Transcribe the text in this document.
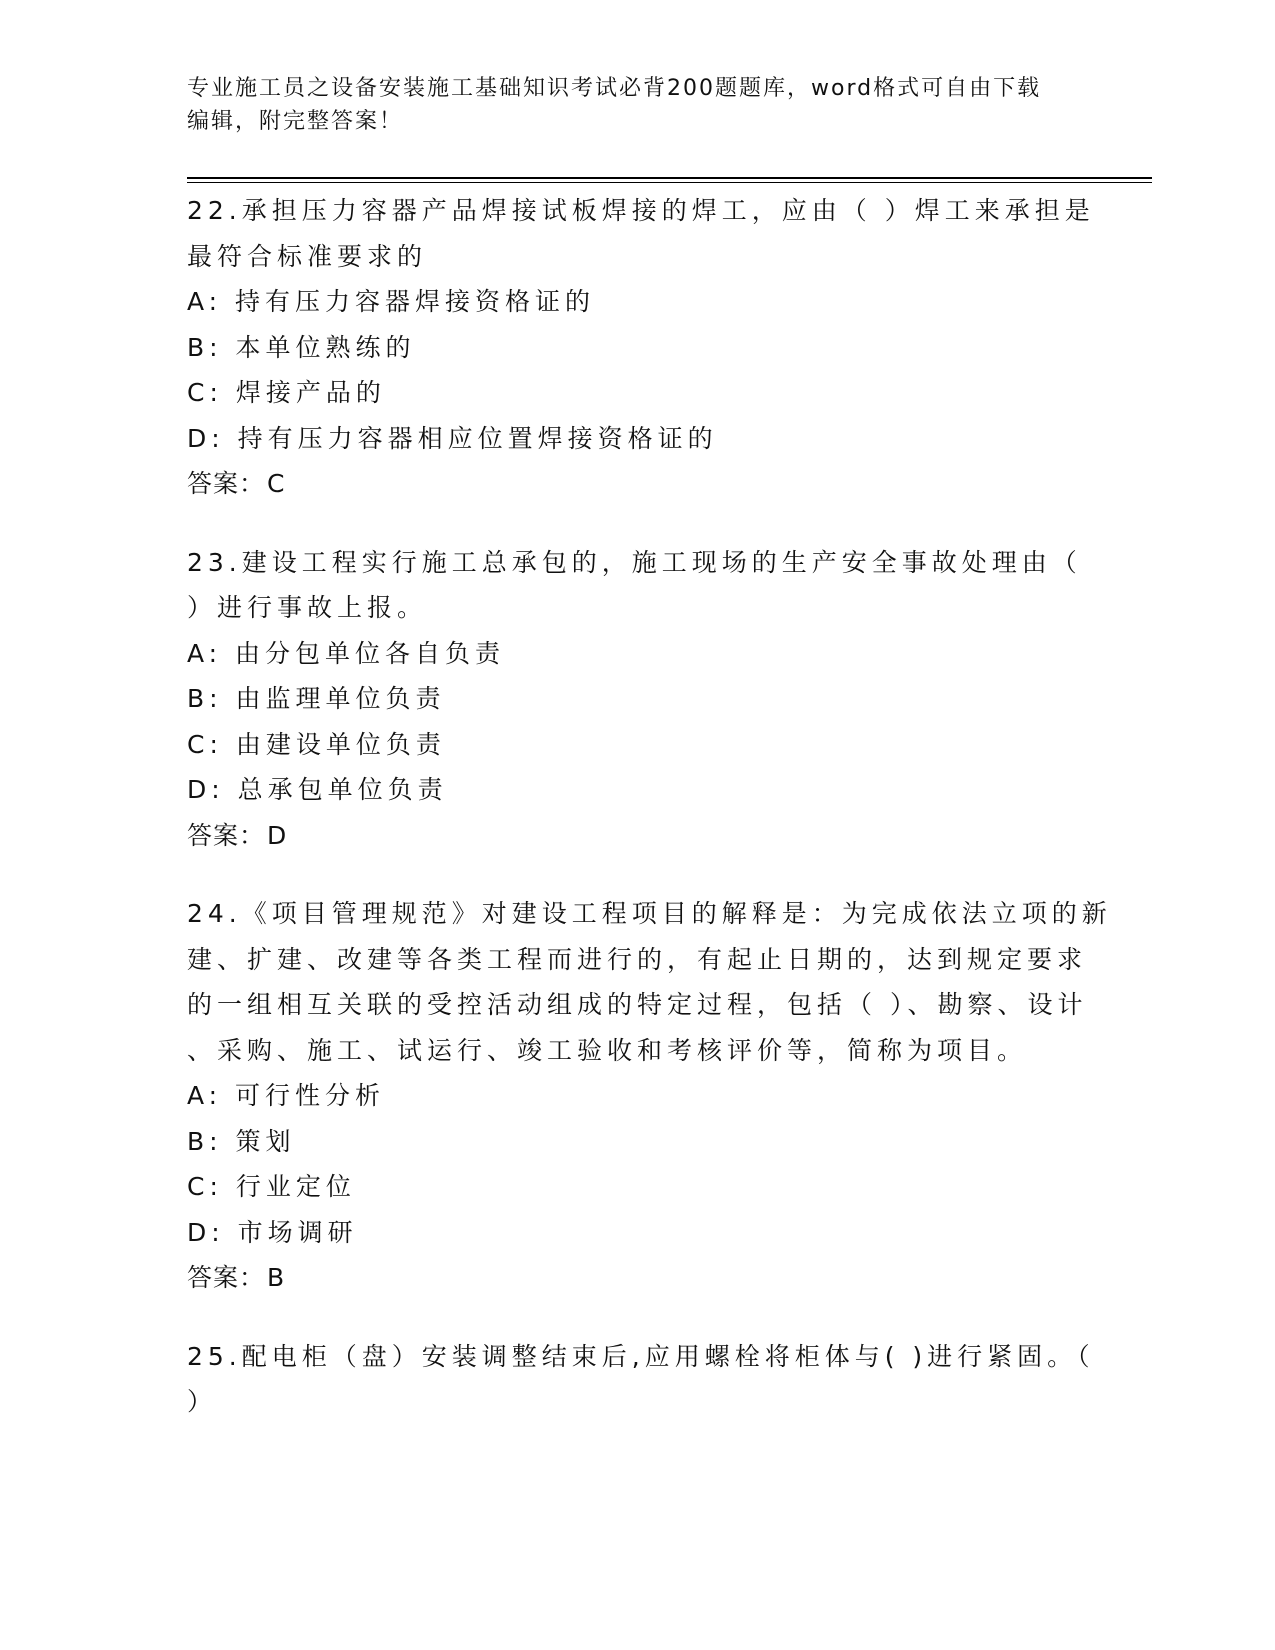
专业施工员之设备安装施工基础知识考试必背200题题库，word格式可自由下载
编辑，附完整答案！
22.承担压力容器产品焊接试板焊接的焊工，应由（ ）焊工来承担是
最符合标准要求的
A: 持有压力容器焊接资格证的
B: 本单位熟练的
C: 焊接产品的
D: 持有压力容器相应位置焊接资格证的
答案：C
23.建设工程实行施工总承包的，施工现场的生产安全事故处理由（
）进行事故上报。
A: 由分包单位各自负责
B: 由监理单位负责
C: 由建设单位负责
D: 总承包单位负责
答案：D
24.《项目管理规范》对建设工程项目的解释是：为完成依法立项的新
建、扩建、改建等各类工程而进行的，有起止日期的，达到规定要求
的一组相互关联的受控活动组成的特定过程，包括（ ）、勘察、设计
、采购、施工、试运行、竣工验收和考核评价等，简称为项目。
A: 可行性分析
B: 策划
C: 行业定位
D: 市场调研
答案：B
25.配电柜（盘）安装调整结束后,应用螺栓将柜体与( )进行紧固。（
）
